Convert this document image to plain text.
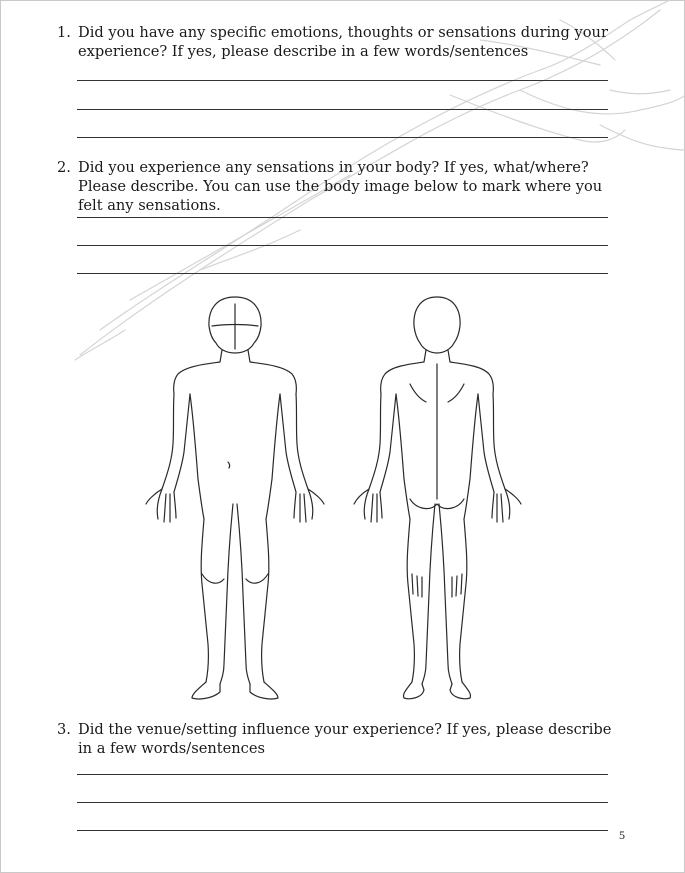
1. Did you have any specific emotions, thoughts or sensations during your experience? If yes, please describe in a few words/sentences
2. Did you experience any sensations in your body? If yes, what/where? Please describe. You can use the body image below to mark where you felt any sensations.
3. Did the venue/setting influence your experience? If yes, please describe in a few words/sentences
5
